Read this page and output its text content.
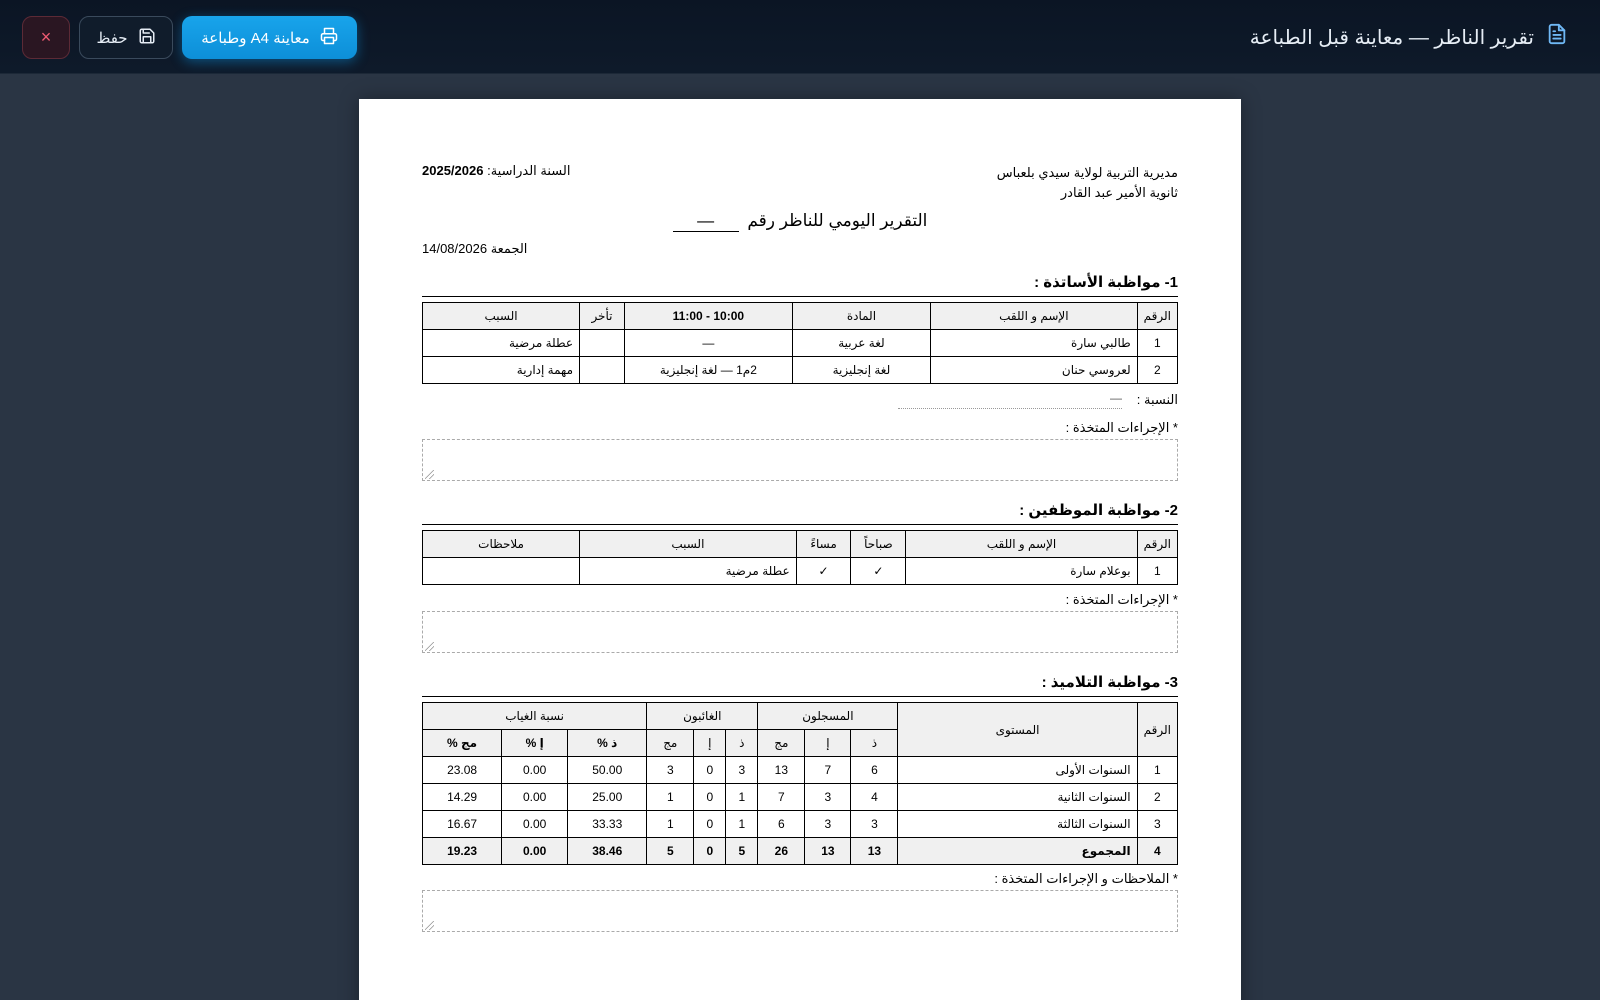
تقرير الناظر — معاينة قبل الطباعة
معاينة A4 وطباعة
حفظ
×
مديرية التربية لولاية سيدي بلعباس
ثانوية الأمير عبد القادر
السنة الدراسية: 2025/2026
التقرير اليومي للناظر رقم —
الجمعة 14/08/2026
1- مواظبة الأساتذة :
الرقم	الإسم و اللقب	المادة	10:00 - 11:00	تأخر	السبب
1	طالبي سارة	لغة عربية	—		عطلة مرضية
2	لعروسي حنان	لغة إنجليزية	2م1 — لغة إنجليزية		مهمة إدارية
النسبة :
—
* الإجراءات المتخذة :
2- مواظبة الموظفين :
الرقم	الإسم و اللقب	صباحاً	مساءً	السبب	ملاحظات
1	بوعلام سارة	✓	✓	عطلة مرضية	
* الإجراءات المتخذة :
3- مواظبة التلاميذ :
الرقم	المستوى	المسجلون			الغائبون			نسبة الغياب		
		ذ	إ	مج	ذ	إ	مج	ذ %	إ %	مج %
1	السنوات الأولى	6	7	13	3	0	3	50.00	0.00	23.08
2	السنوات الثانية	4	3	7	1	0	1	25.00	0.00	14.29
3	السنوات الثالثة	3	3	6	1	0	1	33.33	0.00	16.67
4	المجموع	13	13	26	5	0	5	38.46	0.00	19.23
* الملاحظات و الإجراءات المتخذة :
